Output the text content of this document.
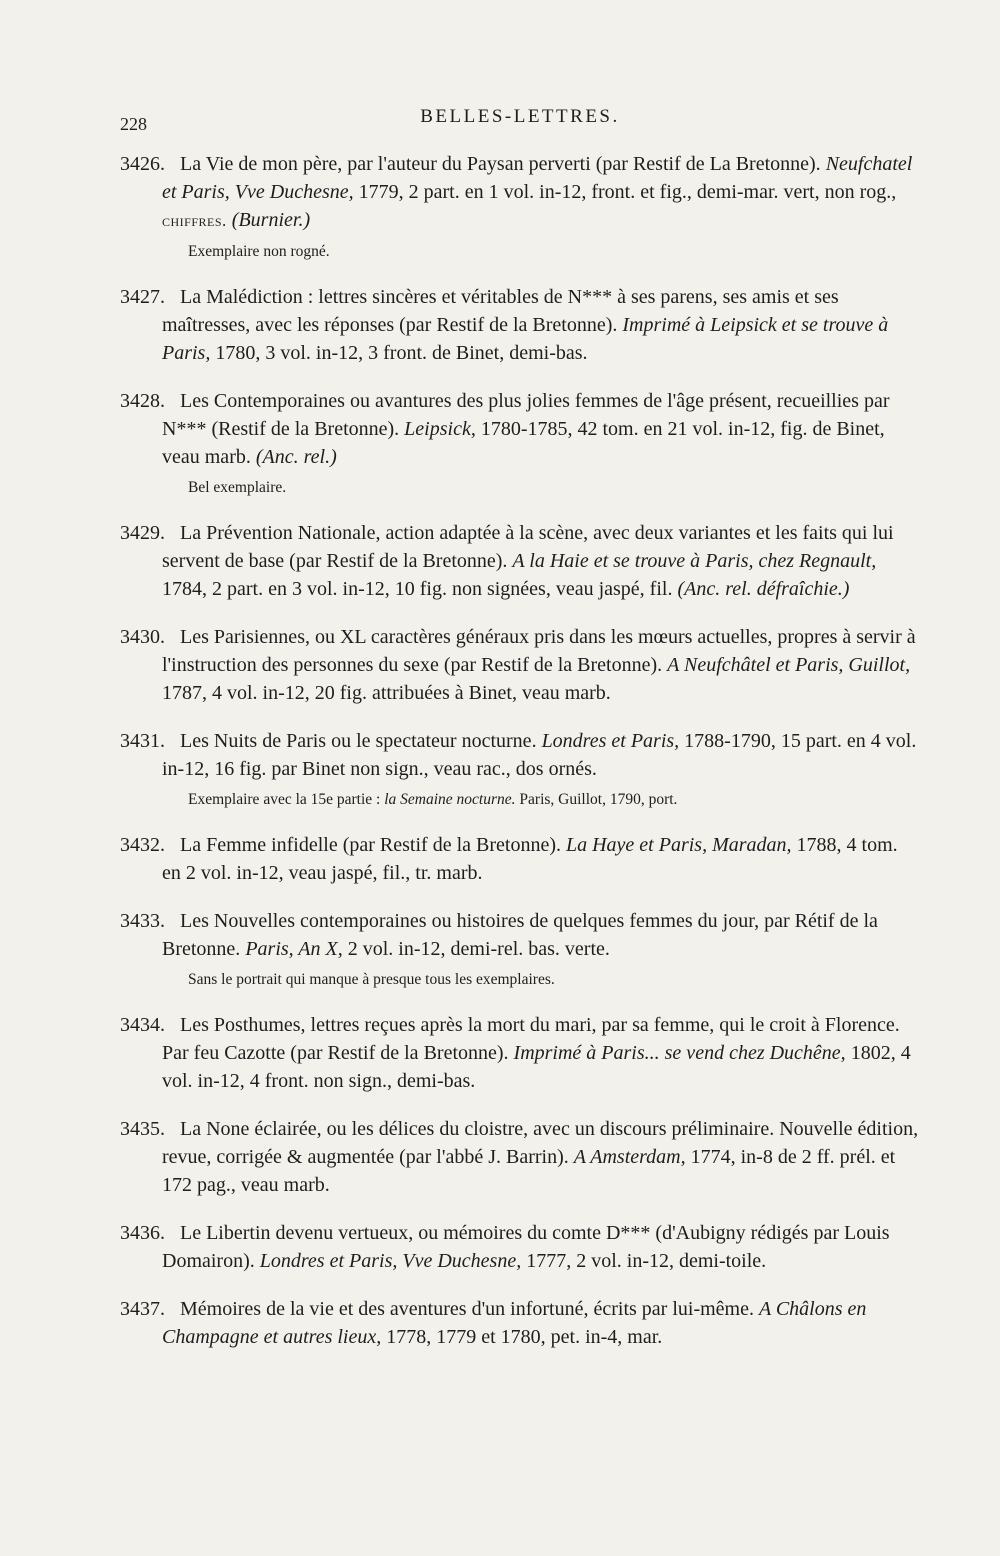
228	BELLES-LETTRES.

3426. La Vie de mon père, par l'auteur du Paysan perverti (par Restif de La Bretonne). Neufchatel et Paris, Vve Duchesne, 1779, 2 part. en 1 vol. in-12, front. et fig., demi-mar. vert, non rog., chiffres. (Burnier.)

Exemplaire non rogné.

3427. La Malédiction : lettres sincères et véritables de N*** à ses parens, ses amis et ses maîtresses, avec les réponses (par Restif de la Bretonne). Imprimé à Leipsick et se trouve à Paris, 1780, 3 vol. in-12, 3 front. de Binet, demi-bas.

3428. Les Contemporaines ou avantures des plus jolies femmes de l'âge présent, recueillies par N*** (Restif de la Bretonne). Leipsick, 1780-1785, 42 tom. en 21 vol. in-12, fig. de Binet, veau marb. (Anc. rel.)

Bel exemplaire.

3429. La Prévention Nationale, action adaptée à la scène, avec deux variantes et les faits qui lui servent de base (par Restif de la Bretonne). A la Haie et se trouve à Paris, chez Regnault, 1784, 2 part. en 3 vol. in-12, 10 fig. non signées, veau jaspé, fil. (Anc. rel. défraîchie.)

3430. Les Parisiennes, ou XL caractères généraux pris dans les mœurs actuelles, propres à servir à l'instruction des personnes du sexe (par Restif de la Bretonne). A Neufchâtel et Paris, Guillot, 1787, 4 vol. in-12, 20 fig. attribuées à Binet, veau marb.

3431. Les Nuits de Paris ou le spectateur nocturne. Londres et Paris, 1788-1790, 15 part. en 4 vol. in-12, 16 fig. par Binet non sign., veau rac., dos ornés.

Exemplaire avec la 15e partie : la Semaine nocturne. Paris, Guillot, 1790, port.

3432. La Femme infidelle (par Restif de la Bretonne). La Haye et Paris, Maradan, 1788, 4 tom. en 2 vol. in-12, veau jaspé, fil., tr. marb.

3433. Les Nouvelles contemporaines ou histoires de quelques femmes du jour, par Rétif de la Bretonne. Paris, An X, 2 vol. in-12, demi-rel. bas. verte.

Sans le portrait qui manque à presque tous les exemplaires.

3434. Les Posthumes, lettres reçues après la mort du mari, par sa femme, qui le croit à Florence. Par feu Cazotte (par Restif de la Bretonne). Imprimé à Paris... se vend chez Duchêne, 1802, 4 vol. in-12, 4 front. non sign., demi-bas.

3435. La None éclairée, ou les délices du cloistre, avec un discours préliminaire. Nouvelle édition, revue, corrigée & augmentée (par l'abbé J. Barrin). A Amsterdam, 1774, in-8 de 2 ff. prél. et 172 pag., veau marb.

3436. Le Libertin devenu vertueux, ou mémoires du comte D*** (d'Aubigny rédigés par Louis Domairon). Londres et Paris, Vve Duchesne, 1777, 2 vol. in-12, demi-toile.

3437. Mémoires de la vie et des aventures d'un infortuné, écrits par lui-même. A Châlons en Champagne et autres lieux, 1778, 1779 et 1780, pet. in-4, mar.
